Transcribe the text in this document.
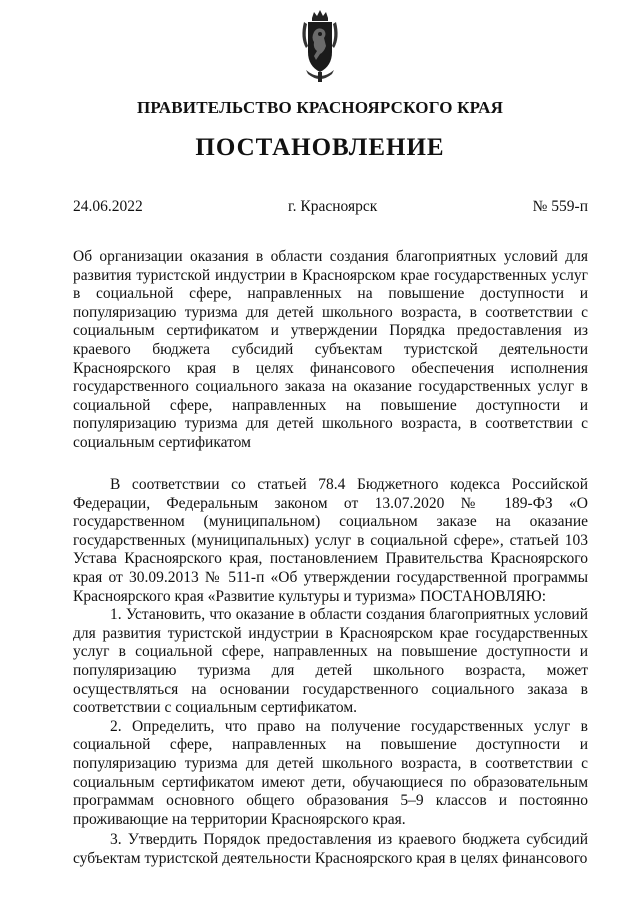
ПРАВИТЕЛЬСТВО КРАСНОЯРСКОГО КРАЯ
ПОСТАНОВЛЕНИЕ
24.06.2022	г. Красноярск	№ 559-п
Об организации оказания в области создания благоприятных условий для развития туристской индустрии в Красноярском крае государственных услуг в социальной сфере, направленных на повышение доступности и популяризацию туризма для детей школьного возраста, в соответствии с социальным сертификатом и утверждении Порядка предоставления из краевого бюджета субсидий субъектам туристской деятельности Красноярского края в целях финансового обеспечения исполнения государственного социального заказа на оказание государственных услуг в социальной сфере, направленных на повышение доступности и популяризацию туризма для детей школьного возраста, в соответствии с социальным сертификатом

В соответствии со статьей 78.4 Бюджетного кодекса Российской Федерации, Федеральным законом от 13.07.2020 № 189-ФЗ «О государственном (муниципальном) социальном заказе на оказание государственных (муниципальных) услуг в социальной сфере», статьей 103 Устава Красноярского края, постановлением Правительства Красноярского края от 30.09.2013 № 511-п «Об утверждении государственной программы Красноярского края «Развитие культуры и туризма» ПОСТАНОВЛЯЮ:

1. Установить, что оказание в области создания благоприятных условий для развития туристской индустрии в Красноярском крае государственных услуг в социальной сфере, направленных на повышение доступности и популяризацию туризма для детей школьного возраста, может осуществляться на основании государственного социального заказа в соответствии с социальным сертификатом.

2. Определить, что право на получение государственных услуг в социальной сфере, направленных на повышение доступности и популяризацию туризма для детей школьного возраста, в соответствии с социальным сертификатом имеют дети, обучающиеся по образовательным программам основного общего образования 5–9 классов и постоянно проживающие на территории Красноярского края.

3. Утвердить Порядок предоставления из краевого бюджета субсидий субъектам туристской деятельности Красноярского края в целях финансового
